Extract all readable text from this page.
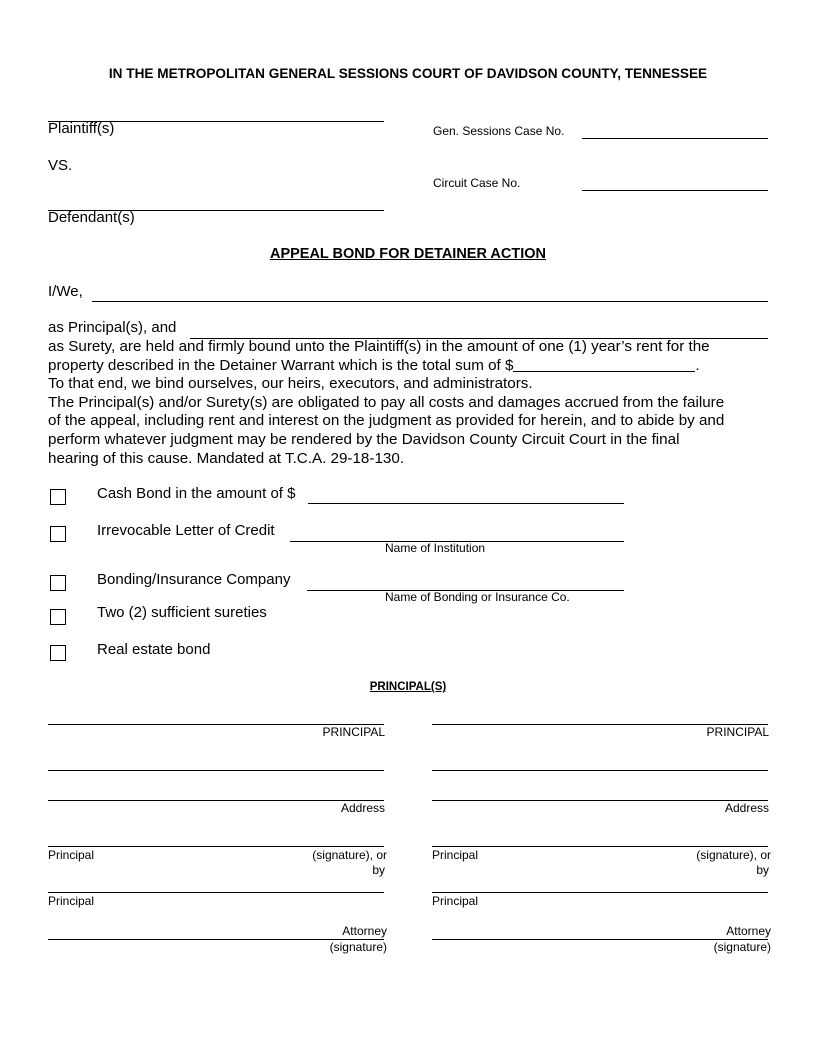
IN THE METROPOLITAN GENERAL SESSIONS COURT OF DAVIDSON COUNTY, TENNESSEE
Plaintiff(s)	Gen. Sessions Case No.
VS.
Circuit Case No.
Defendant(s)
APPEAL BOND FOR DETAINER ACTION
I/We,
as Principal(s), and
as Surety, are held and firmly bound unto the Plaintiff(s) in the amount of one (1) year’s rent for the
property described in the Detainer Warrant which is the total sum of $	.
To that end, we bind ourselves, our heirs, executors, and administrators.
The Principal(s) and/or Surety(s) are obligated to pay all costs and damages accrued from the failure
of the appeal, including rent and interest on the judgment as provided for herein, and to abide by and
perform whatever judgment may be rendered by the Davidson County Circuit Court in the final
hearing of this cause. Mandated at T.C.A. 29-18-130.
Cash Bond in the amount of $
Irrevocable Letter of Credit
Name of Institution
Bonding/Insurance Company
Name of Bonding or Insurance Co.
Two (2) sufficient sureties
Real estate bond
PRINCIPAL(S)
PRINCIPAL
Address
Principal	(signature), or
by
Principal
Attorney
(signature)
PRINCIPAL
Address
Principal	(signature), or
by
Principal
Attorney
(signature)
